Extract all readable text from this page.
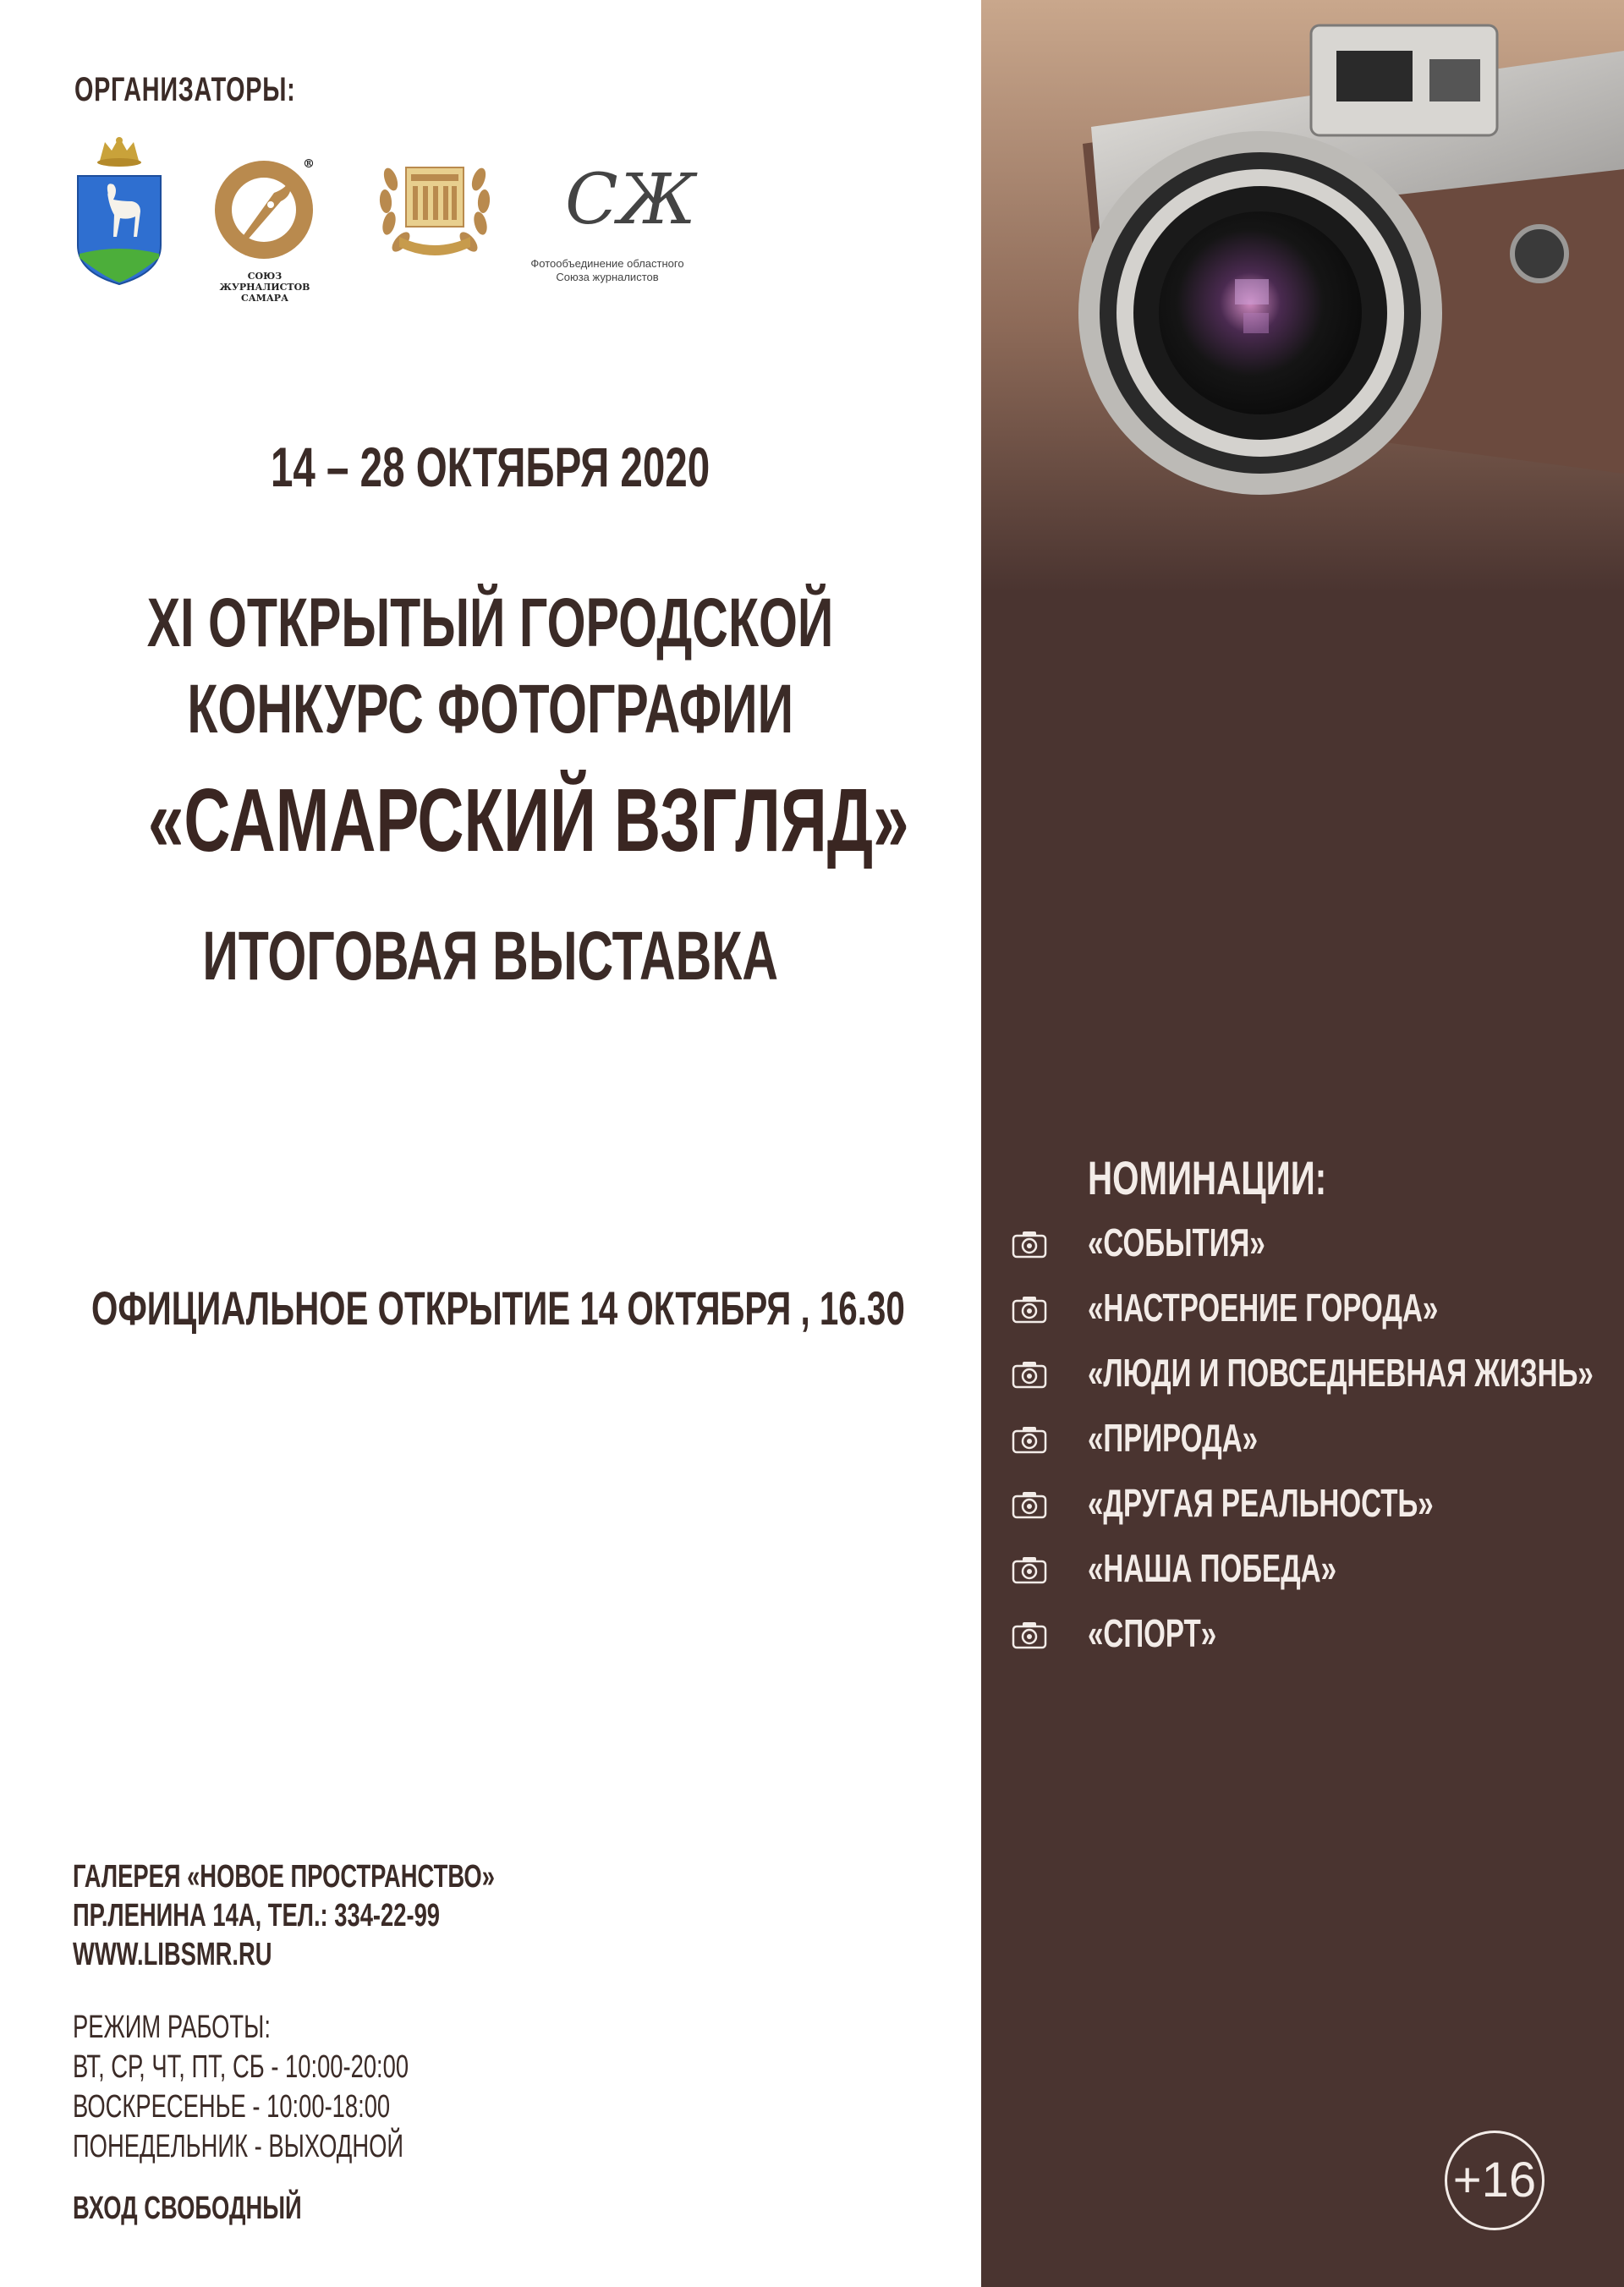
ОРГАНИЗАТОРЫ:
®
СОЮЗ ЖУРНАЛИСТОВ
САМАРА
СЖ
Фотообъединение областного
Союза журналистов
14 – 28 ОКТЯБРЯ 2020
XI ОТКРЫТЫЙ ГОРОДСКОЙ
КОНКУРС ФОТОГРАФИИ
«САМАРСКИЙ ВЗГЛЯД»
ИТОГОВАЯ ВЫСТАВКА
ОФИЦИАЛЬНОЕ ОТКРЫТИЕ 14 ОКТЯБРЯ , 16.30
ГАЛЕРЕЯ «НОВОЕ ПРОСТРАНСТВО»
ПР.ЛЕНИНА 14А, ТЕЛ.: 334-22-99
WWW.LIBSMR.RU
РЕЖИМ РАБОТЫ:
ВТ, СР, ЧТ, ПТ, СБ - 10:00-20:00
ВОСКРЕСЕНЬЕ - 10:00-18:00
ПОНЕДЕЛЬНИК - ВЫХОДНОЙ
ВХОД СВОБОДНЫЙ
НОМИНАЦИИ:
«СОБЫТИЯ»
«НАСТРОЕНИЕ ГОРОДА»
«ЛЮДИ И ПОВСЕДНЕВНАЯ ЖИЗНЬ»
«ПРИРОДА»
«ДРУГАЯ РЕАЛЬНОСТЬ»
«НАША ПОБЕДА»
«СПОРТ»
+16
